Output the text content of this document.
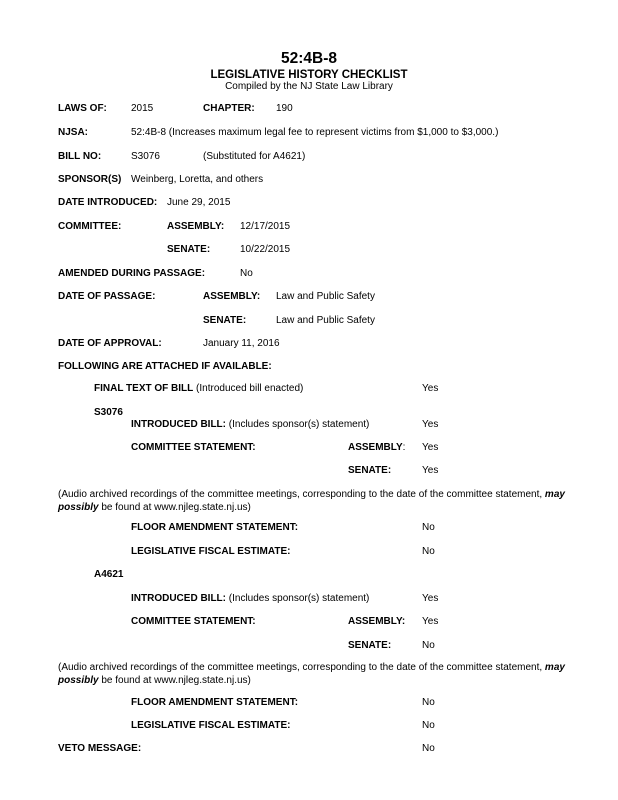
52:4B-8
LEGISLATIVE HISTORY CHECKLIST
Compiled by the NJ State Law Library
LAWS OF: 2015	CHAPTER: 190
NJSA:	52:4B-8 (Increases maximum legal fee to represent victims from $1,000 to $3,000.)
BILL NO:	S3076	(Substituted for A4621)
SPONSOR(S) Weinberg, Loretta, and others
DATE INTRODUCED: June 29, 2015
COMMITTEE:	ASSEMBLY: 12/17/2015
SENATE:	10/22/2015
AMENDED DURING PASSAGE:	No
DATE OF PASSAGE:	ASSEMBLY: Law and Public Safety
SENATE:	Law and Public Safety
DATE OF APPROVAL:	January 11, 2016
FOLLOWING ARE ATTACHED IF AVAILABLE:
FINAL TEXT OF BILL (Introduced bill enacted)	Yes
S3076
INTRODUCED BILL: (Includes sponsor(s) statement)	Yes
COMMITTEE STATEMENT:	ASSEMBLY: Yes
SENATE:	Yes
(Audio archived recordings of the committee meetings, corresponding to the date of the committee statement, may possibly be found at www.njleg.state.nj.us)
FLOOR AMENDMENT STATEMENT:	No
LEGISLATIVE FISCAL ESTIMATE:	No
A4621
INTRODUCED BILL: (Includes sponsor(s) statement)	Yes
COMMITTEE STATEMENT:	ASSEMBLY: Yes
SENATE:	No
(Audio archived recordings of the committee meetings, corresponding to the date of the committee statement, may possibly be found at www.njleg.state.nj.us)
FLOOR AMENDMENT STATEMENT:	No
LEGISLATIVE FISCAL ESTIMATE:	No
VETO MESSAGE:	No
